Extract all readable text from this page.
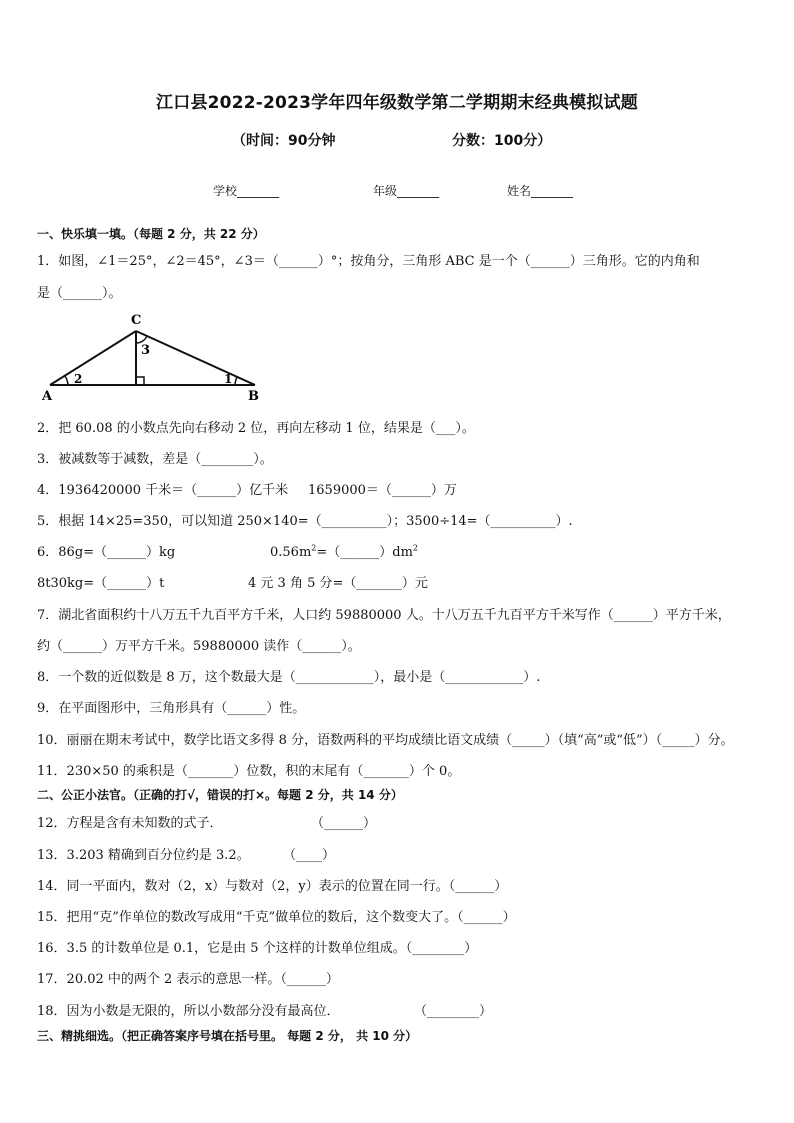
江口县2022-2023学年四年级数学第二学期期末经典模拟试题
（时间：90分钟	分数：100分）
学校_______	年级_______	姓名_______
一、快乐填一填。（每题 2 分，共 22 分）
1．如图，∠1＝25°，∠2＝45°，∠3＝（______）°；按角分，三角形 ABC 是一个（______）三角形。它的内角和
是（______）。
C
A	B
1
2
3
2．把 60.08 的小数点先向右移动 2 位，再向左移动 1 位，结果是（___）。
3．被减数等于减数，差是（________）。
4．1936420000 千米＝（______）亿千米 1659000＝（______）万
5．根据 14×25=350，可以知道 250×140=（__________）；3500÷14=（__________）.
6．86g=（______）kg	$0.56m^2=(\_\_\_\_\_\_)dm^2$
8t30kg=（______）t	4 元 3 角 5 分=（_______）元
7．湖北省面积约十八万五千九百平方千米，人口约 59880000 人。十八万五千九百平方千米写作（______）平方千米，
约（______）万平方千米。59880000 读作（______）。
8．一个数的近似数是 8 万，这个数最大是（____________），最小是（____________）.
9．在平面图形中，三角形具有（______）性。
10．丽丽在期末考试中，数学比语文多得 8 分，语数两科的平均成绩比语文成绩（_____）（填“高”或“低”）（_____）分。
11．230×50 的乘积是（_______）位数，积的末尾有（_______）个 0。
二、公正小法官。（正确的打√，错误的打×。每题 2 分，共 14 分）
12．方程是含有未知数的式子．	（______）
13．3.203 精确到百分位约是 3.2。	（____）
14．同一平面内，数对（2，x）与数对（2，y）表示的位置在同一行。（______）
15．把用“克”作单位的数改写成用“千克”做单位的数后，这个数变大了。（______）
16．3.5 的计数单位是 0.1，它是由 5 个这样的计数单位组成。（________）
17．20.02 中的两个 2 表示的意思一样。（______）
18．因为小数是无限的，所以小数部分没有最高位．	（________）
三、精挑细选。（把正确答案序号填在括号里。 每题 2 分， 共 10 分）
